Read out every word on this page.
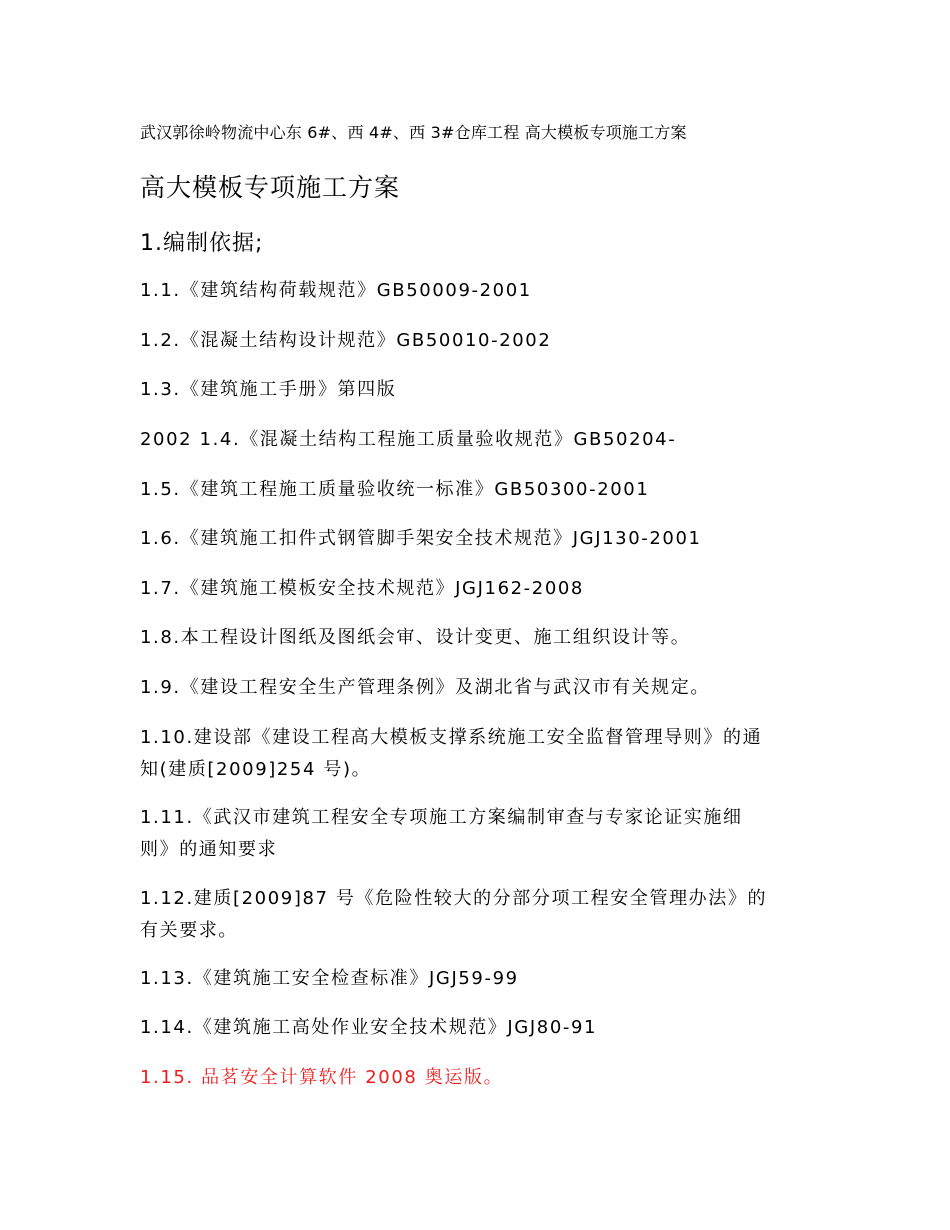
武汉郭徐岭物流中心东 6#、西 4#、西 3#仓库工程 高大模板专项施工方案
高大模板专项施工方案
1.编制依据;
1.1.《建筑结构荷载规范》GB50009-2001
1.2.《混凝土结构设计规范》GB50010-2002
1.3.《建筑施工手册》第四版
2002 1.4.《混凝土结构工程施工质量验收规范》GB50204-
1.5.《建筑工程施工质量验收统一标准》GB50300-2001
1.6.《建筑施工扣件式钢管脚手架安全技术规范》JGJ130-2001
1.7.《建筑施工模板安全技术规范》JGJ162-2008
1.8.本工程设计图纸及图纸会审、设计变更、施工组织设计等。
1.9.《建设工程安全生产管理条例》及湖北省与武汉市有关规定。
1.10.建设部《建设工程高大模板支撑系统施工安全监督管理导则》的通
知(建质[2009]254 号)。
1.11.《武汉市建筑工程安全专项施工方案编制审查与专家论证实施细
则》的通知要求
1.12.建质[2009]87 号《危险性较大的分部分项工程安全管理办法》的
有关要求。
1.13.《建筑施工安全检查标准》JGJ59-99
1.14.《建筑施工高处作业安全技术规范》JGJ80-91
1.15. 品茗安全计算软件 2008 奥运版。
